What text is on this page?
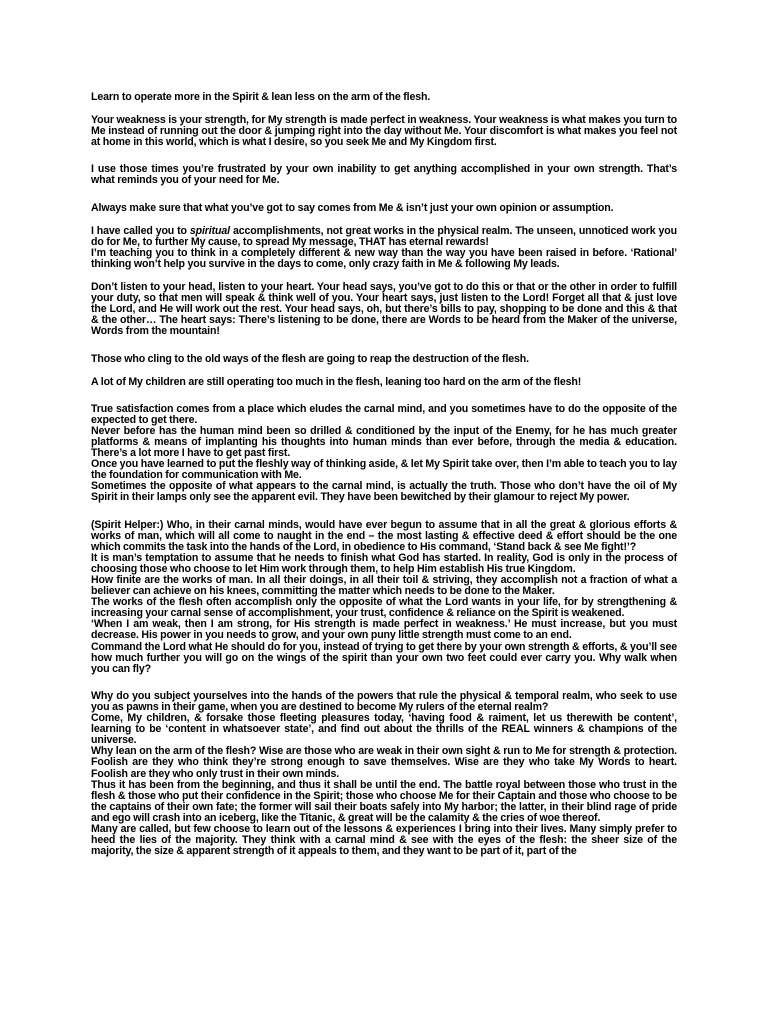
Learn to operate more in the Spirit & lean less on the arm of the flesh.

Your weakness is your strength, for My strength is made perfect in weakness. Your weakness is what makes you turn to Me instead of running out the door & jumping right into the day without Me. Your discomfort is what makes you feel not at home in this world, which is what I desire, so you seek Me and My Kingdom first.

I use those times you’re frustrated by your own inability to get anything accomplished in your own strength. That’s what reminds you of your need for Me.

Always make sure that what you’ve got to say comes from Me & isn’t just your own opinion or assumption.

I have called you to spiritual accomplishments, not great works in the physical realm. The unseen, unnoticed work you do for Me, to further My cause, to spread My message, THAT has eternal rewards!

I’m teaching you to think in a completely different & new way than the way you have been raised in before. ‘Rational’ thinking won’t help you survive in the days to come, only crazy faith in Me & following My leads.

Don’t listen to your head, listen to your heart. Your head says, you’ve got to do this or that or the other in order to fulfill your duty, so that men will speak & think well of you. Your heart says, just listen to the Lord! Forget all that & just love the Lord, and He will work out the rest. Your head says, oh, but there’s bills to pay, shopping to be done and this & that & the other… The heart says: There’s listening to be done, there are Words to be heard from the Maker of the universe, Words from the mountain!

Those who cling to the old ways of the flesh are going to reap the destruction of the flesh.

A lot of My children are still operating too much in the flesh, leaning too hard on the arm of the flesh!

True satisfaction comes from a place which eludes the carnal mind, and you sometimes have to do the opposite of the expected to get there.

Never before has the human mind been so drilled & conditioned by the input of the Enemy, for he has much greater platforms & means of implanting his thoughts into human minds than ever before, through the media & education. There’s a lot more I have to get past first.

Once you have learned to put the fleshly way of thinking aside, & let My Spirit take over, then I’m able to teach you to lay the foundation for communication with Me.

Sometimes the opposite of what appears to the carnal mind, is actually the truth. Those who don’t have the oil of My Spirit in their lamps only see the apparent evil. They have been bewitched by their glamour to reject My power.

(Spirit Helper:) Who, in their carnal minds, would have ever begun to assume that in all the great & glorious efforts & works of man, which will all come to naught in the end – the most lasting & effective deed & effort should be the one which commits the task into the hands of the Lord, in obedience to His command, ‘Stand back & see Me fight!’?

It is man’s temptation to assume that he needs to finish what God has started. In reality, God is only in the process of choosing those who choose to let Him work through them, to help Him establish His true Kingdom.

How finite are the works of man. In all their doings, in all their toil & striving, they accomplish not a fraction of what a believer can achieve on his knees, committing the matter which needs to be done to the Maker.

The works of the flesh often accomplish only the opposite of what the Lord wants in your life, for by strengthening & increasing your carnal sense of accomplishment, your trust, confidence & reliance on the Spirit is weakened.

‘When I am weak, then I am strong, for His strength is made perfect in weakness.’ He must increase, but you must decrease. His power in you needs to grow, and your own puny little strength must come to an end.

Command the Lord what He should do for you, instead of trying to get there by your own strength & efforts, & you’ll see how much further you will go on the wings of the spirit than your own two feet could ever carry you. Why walk when you can fly?

Why do you subject yourselves into the hands of the powers that rule the physical & temporal realm, who seek to use you as pawns in their game, when you are destined to become My rulers of the eternal realm?

Come, My children, & forsake those fleeting pleasures today, ‘having food & raiment, let us therewith be content’, learning to be ‘content in whatsoever state’, and find out about the thrills of the REAL winners & champions of the universe.

Why lean on the arm of the flesh? Wise are those who are weak in their own sight & run to Me for strength & protection. Foolish are they who think they’re strong enough to save themselves. Wise are they who take My Words to heart. Foolish are they who only trust in their own minds.

Thus it has been from the beginning, and thus it shall be until the end. The battle royal between those who trust in the flesh & those who put their confidence in the Spirit; those who choose Me for their Captain and those who choose to be the captains of their own fate; the former will sail their boats safely into My harbor; the latter, in their blind rage of pride and ego will crash into an iceberg, like the Titanic, & great will be the calamity & the cries of woe thereof.

Many are called, but few choose to learn out of the lessons & experiences I bring into their lives. Many simply prefer to heed the lies of the majority. They think with a carnal mind & see with the eyes of the flesh: the sheer size of the majority, the size & apparent strength of it appeals to them, and they want to be part of it, part of the
